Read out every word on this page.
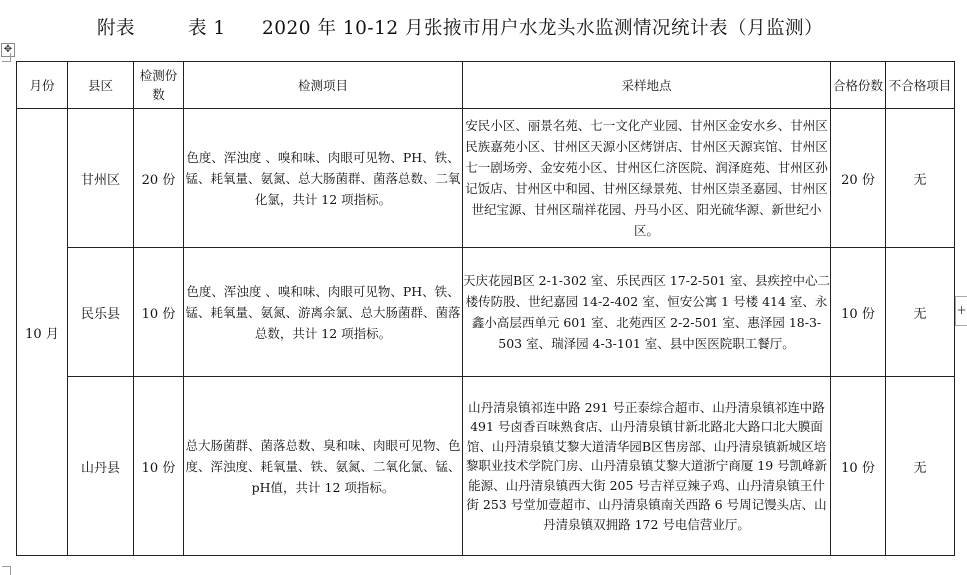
附表	表 1 2020 年 10-12 月张掖市用户水龙头水监测情况统计表（月监测）
✥
+
月份	县区	检测份数	检测项目	采样地点	合格份数	不合格项目
10 月	甘州区	20 份	色度、浑浊度 、嗅和味、肉眼可见物、PH、铁、锰、耗氧量、氨氮、总大肠菌群、菌落总数、二氧化氯，共计 12 项指标。	安民小区、丽景名苑、七一文化产业园、甘州区金安水乡、甘州区民族嘉苑小区、甘州区天源小区烤饼店、甘州区天源宾馆、甘州区七一剧场旁、金安苑小区、甘州区仁济医院、润泽庭苑、甘州区孙记饭店、甘州区中和园、甘州区绿景苑、甘州区崇圣嘉园、甘州区世纪宝源、甘州区瑞祥花园、丹马小区、阳光硫华源、新世纪小区。	20 份	无
	民乐县	10 份	色度、浑浊度 、嗅和味、肉眼可见物、PH、铁、锰、耗氧量、氨氮、游离余氯、总大肠菌群、菌落总数，共计 12 项指标。	天庆花园B区 2-1-302 室、乐民西区 17-2-501 室、县疾控中心二楼传防股、世纪嘉园 14-2-402 室、恒安公寓 1 号楼 414 室、永鑫小高层西单元 601 室、北苑西区 2-2-501 室、惠泽园 18-3-503 室、瑞泽园 4-3-101 室、县中医医院职工餐厅。	10 份	无
	山丹县	10 份	总大肠菌群、菌落总数、臭和味、肉眼可见物、色度、浑浊度、耗氧量、铁、氨氮、二氧化氯、锰、pH值，共计 12 项指标。	山丹清泉镇祁连中路 291 号正泰综合超市、山丹清泉镇祁连中路 491 号卤香百味熟食店、山丹清泉镇甘新北路北大路口北大膜面馆、山丹清泉镇艾黎大道清华园B区售房部、山丹清泉镇新城区培黎职业技术学院门房、山丹清泉镇艾黎大道浙宁商厦 19 号凯峰新能源、山丹清泉镇西大街 205 号吉祥豆辣子鸡、山丹清泉镇王什街 253 号堂加壹超市、山丹清泉镇南关西路 6 号周记馒头店、山丹清泉镇双拥路 172 号电信营业厅。	10 份	无
